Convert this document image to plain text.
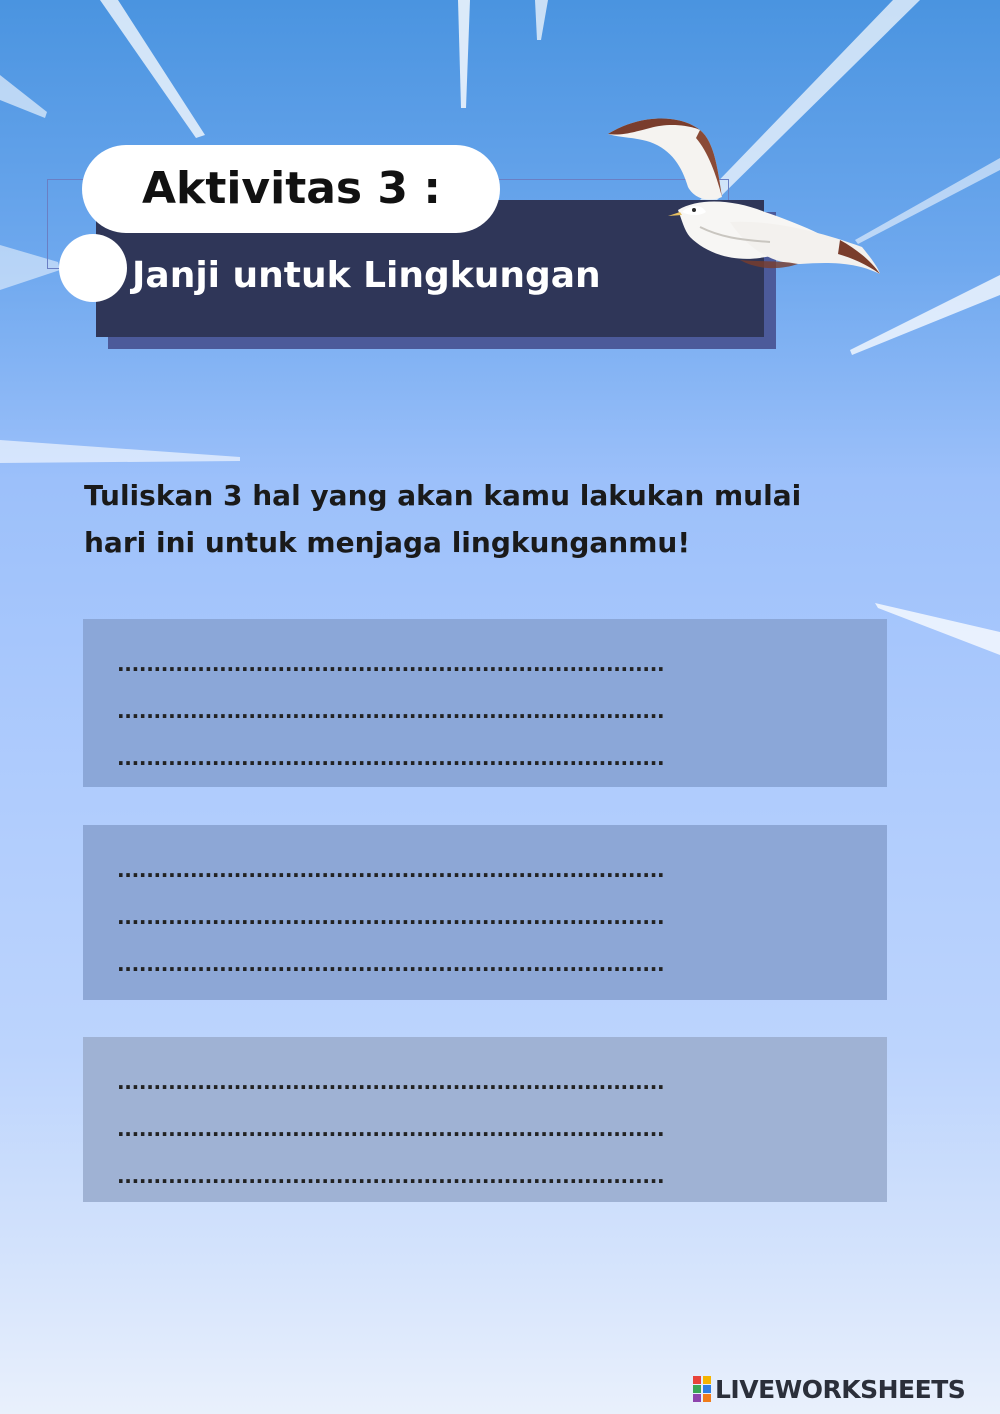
Aktivitas 3 :
Janji untuk Lingkungan
Tuliskan 3 hal yang akan kamu lakukan mulai
hari ini untuk menjaga lingkunganmu!
...........................................................................
...........................................................................
...........................................................................
...........................................................................
...........................................................................
...........................................................................
...........................................................................
...........................................................................
...........................................................................
LIVEWORKSHEETS
